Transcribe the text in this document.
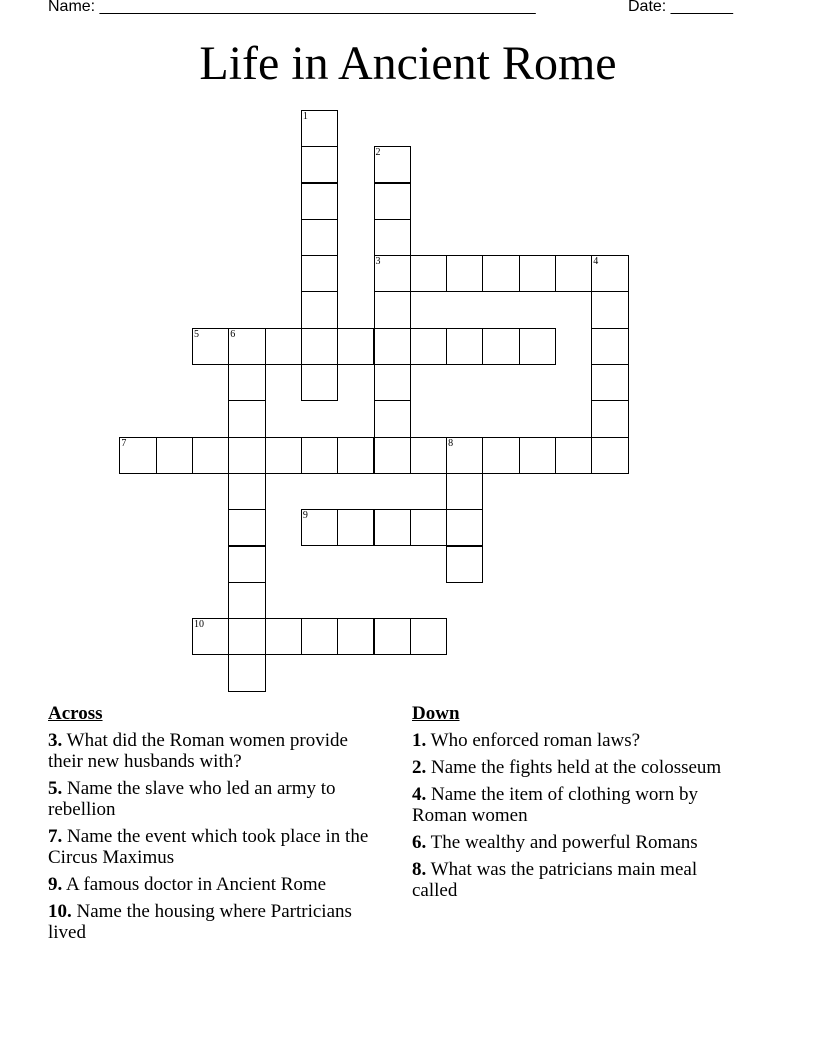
Name: _________________________________________________	Date: _______
Life in Ancient Rome
1
2
3	4
5	6
7	8
9
10
Across
3. What did the Roman women provide their new husbands with?
5. Name the slave who led an army to rebellion
7. Name the event which took place in the Circus Maximus
9. A famous doctor in Ancient Rome
10. Name the housing where Partricians lived
Down
1. Who enforced roman laws?
2. Name the fights held at the colosseum
4. Name the item of clothing worn by Roman women
6. The wealthy and powerful Romans
8. What was the patricians main meal called
